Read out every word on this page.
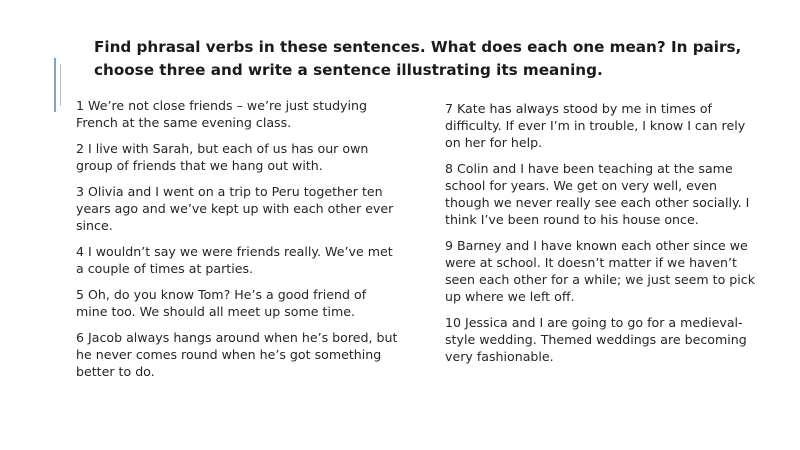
Find phrasal verbs in these sentences. What does each one mean? In pairs, choose three and write a sentence illustrating its meaning.

1 We’re not close friends – we’re just studying French at the same evening class.

2 I live with Sarah, but each of us has our own group of friends that we hang out with.

3 Olivia and I went on a trip to Peru together ten years ago and we’ve kept up with each other ever since.

4 I wouldn’t say we were friends really. We’ve met a couple of times at parties.

5 Oh, do you know Tom? He’s a good friend of mine too. We should all meet up some time.

6 Jacob always hangs around when he’s bored, but he never comes round when he’s got something better to do.

7 Kate has always stood by me in times of difficulty. If ever I’m in trouble, I know I can rely on her for help.

8 Colin and I have been teaching at the same school for years. We get on very well, even though we never really see each other socially. I think I’ve been round to his house once.

9 Barney and I have known each other since we were at school. It doesn’t matter if we haven’t seen each other for a while; we just seem to pick up where we left off.

10 Jessica and I are going to go for a medieval-style wedding. Themed weddings are becoming very fashionable.
